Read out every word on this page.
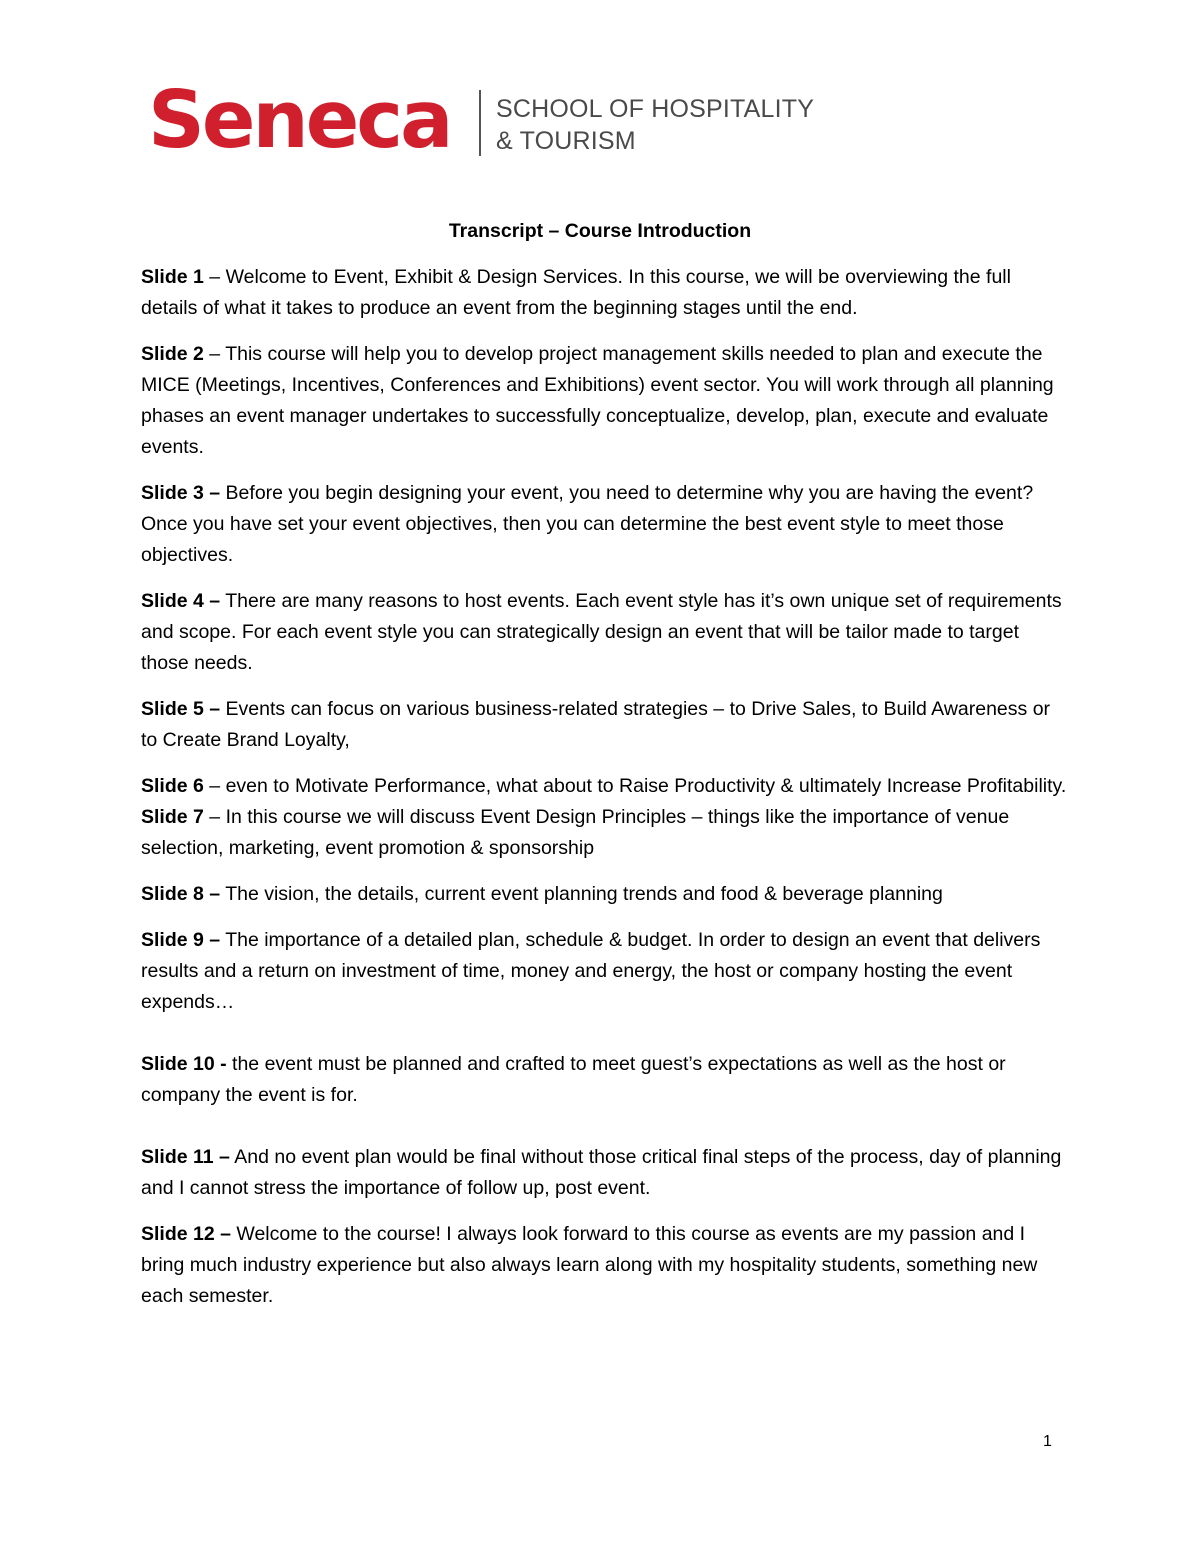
Seneca SCHOOL OF HOSPITALITY
& TOURISM
Transcript – Course Introduction

Slide 1 – Welcome to Event, Exhibit & Design Services. In this course, we will be overviewing the full details of what it takes to produce an event from the beginning stages until the end.

Slide 2 – This course will help you to develop project management skills needed to plan and execute the MICE (Meetings, Incentives, Conferences and Exhibitions) event sector. You will work through all planning phases an event manager undertakes to successfully conceptualize, develop, plan, execute and evaluate events.

Slide 3 – Before you begin designing your event, you need to determine why you are having the event? Once you have set your event objectives, then you can determine the best event style to meet those objectives.

Slide 4 – There are many reasons to host events. Each event style has it’s own unique set of requirements and scope. For each event style you can strategically design an event that will be tailor made to target those needs.

Slide 5 – Events can focus on various business-related strategies – to Drive Sales, to Build Awareness or to Create Brand Loyalty,

Slide 6 – even to Motivate Performance, what about to Raise Productivity & ultimately Increase Profitability.

Slide 7 – In this course we will discuss Event Design Principles – things like the importance of venue selection, marketing, event promotion & sponsorship

Slide 8 – The vision, the details, current event planning trends and food & beverage planning

Slide 9 – The importance of a detailed plan, schedule & budget. In order to design an event that delivers results and a return on investment of time, money and energy, the host or company hosting the event expends…

Slide 10 - the event must be planned and crafted to meet guest’s expectations as well as the host or company the event is for.

Slide 11 – And no event plan would be final without those critical final steps of the process, day of planning and I cannot stress the importance of follow up, post event.

Slide 12 – Welcome to the course! I always look forward to this course as events are my passion and I bring much industry experience but also always learn along with my hospitality students, something new each semester.

1
